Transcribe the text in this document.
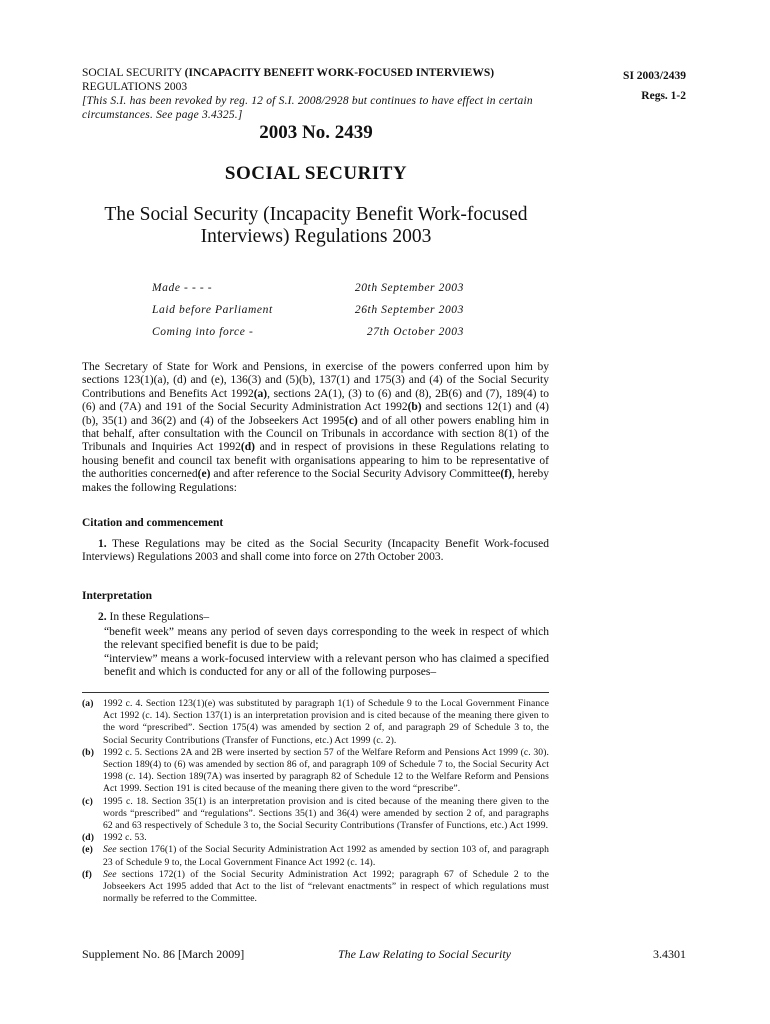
SOCIAL SECURITY (INCAPACITY BENEFIT WORK-FOCUSED INTERVIEWS) REGULATIONS 2003
[This S.I. has been revoked by reg. 12 of S.I. 2008/2928 but continues to have effect in certain circumstances. See page 3.4325.]
SI 2003/2439
Regs. 1-2
2003 No. 2439
SOCIAL SECURITY
The Social Security (Incapacity Benefit Work-focused Interviews) Regulations 2003
Made - - - -	20th September 2003
Laid before Parliament	26th September 2003
Coming into force -	27th October 2003
The Secretary of State for Work and Pensions, in exercise of the powers conferred upon him by sections 123(1)(a), (d) and (e), 136(3) and (5)(b), 137(1) and 175(3) and (4) of the Social Security Contributions and Benefits Act 1992(a), sections 2A(1), (3) to (6) and (8), 2B(6) and (7), 189(4) to (6) and (7A) and 191 of the Social Security Administration Act 1992(b) and sections 12(1) and (4)(b), 35(1) and 36(2) and (4) of the Jobseekers Act 1995(c) and of all other powers enabling him in that behalf, after consultation with the Council on Tribunals in accordance with section 8(1) of the Tribunals and Inquiries Act 1992(d) and in respect of provisions in these Regulations relating to housing benefit and council tax benefit with organisations appearing to him to be representative of the authorities concerned(e) and after reference to the Social Security Advisory Committee(f), hereby makes the following Regulations:
Citation and commencement
1. These Regulations may be cited as the Social Security (Incapacity Benefit Work-focused Interviews) Regulations 2003 and shall come into force on 27th October 2003.
Interpretation
2. In these Regulations–
“benefit week” means any period of seven days corresponding to the week in respect of which the relevant specified benefit is due to be paid;
“interview” means a work-focused interview with a relevant person who has claimed a specified benefit and which is conducted for any or all of the following purposes–
(a) 1992 c. 4. Section 123(1)(e) was substituted by paragraph 1(1) of Schedule 9 to the Local Government Finance Act 1992 (c. 14). Section 137(1) is an interpretation provision and is cited because of the meaning there given to the word “prescribed”. Section 175(4) was amended by section 2 of, and paragraph 29 of Schedule 3 to, the Social Security Contributions (Transfer of Functions, etc.) Act 1999 (c. 2).
(b) 1992 c. 5. Sections 2A and 2B were inserted by section 57 of the Welfare Reform and Pensions Act 1999 (c. 30). Section 189(4) to (6) was amended by section 86 of, and paragraph 109 of Schedule 7 to, the Social Security Act 1998 (c. 14). Section 189(7A) was inserted by paragraph 82 of Schedule 12 to the Welfare Reform and Pensions Act 1999. Section 191 is cited because of the meaning there given to the word “prescribe”.
(c) 1995 c. 18. Section 35(1) is an interpretation provision and is cited because of the meaning there given to the words “prescribed” and “regulations”. Sections 35(1) and 36(4) were amended by section 2 of, and paragraphs 62 and 63 respectively of Schedule 3 to, the Social Security Contributions (Transfer of Functions, etc.) Act 1999.
(d) 1992 c. 53.
(e) See section 176(1) of the Social Security Administration Act 1992 as amended by section 103 of, and paragraph 23 of Schedule 9 to, the Local Government Finance Act 1992 (c. 14).
(f) See sections 172(1) of the Social Security Administration Act 1992; paragraph 67 of Schedule 2 to the Jobseekers Act 1995 added that Act to the list of “relevant enactments” in respect of which regulations must normally be referred to the Committee.
Supplement No. 86 [March 2009]	The Law Relating to Social Security	3.4301
